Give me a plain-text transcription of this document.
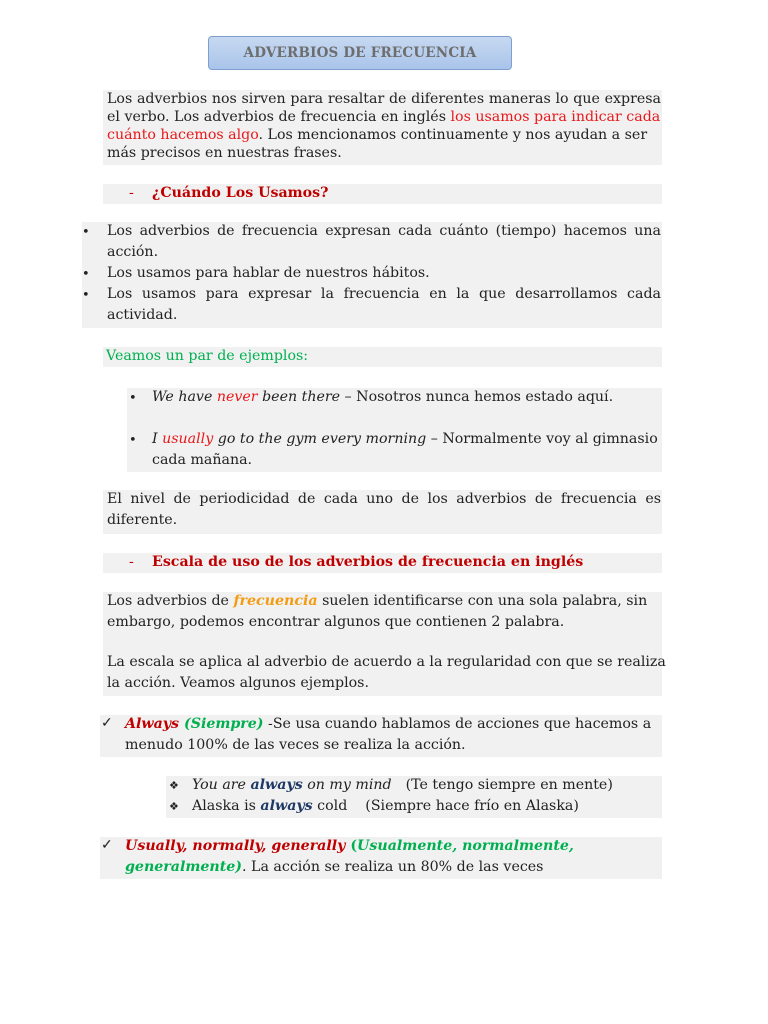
ADVERBIOS DE FRECUENCIA
Los adverbios nos sirven para resaltar de diferentes maneras lo que expresa
el verbo. Los adverbios de frecuencia en inglés los usamos para indicar cada
cuánto hacemos algo. Los mencionamos continuamente y nos ayudan a ser
más precisos en nuestras frases.
- ¿Cuándo Los Usamos?
• Los adverbios de frecuencia expresan cada cuánto (tiempo) hacemos una
acción.
• Los usamos para hablar de nuestros hábitos.
• Los usamos para expresar la frecuencia en la que desarrollamos cada
actividad.
Veamos un par de ejemplos:
• We have never been there – Nosotros nunca hemos estado aquí.
• I usually go to the gym every morning – Normalmente voy al gimnasio
cada mañana.
El nivel de periodicidad de cada uno de los adverbios de frecuencia es
diferente.
- Escala de uso de los adverbios de frecuencia en inglés
Los adverbios de frecuencia suelen identificarse con una sola palabra, sin
embargo, podemos encontrar algunos que contienen 2 palabra.
La escala se aplica al adverbio de acuerdo a la regularidad con que se realiza
la acción. Veamos algunos ejemplos.
✓ Always (Siempre) -Se usa cuando hablamos de acciones que hacemos a
menudo 100% de las veces se realiza la acción.
❖ You are always on my mind (Te tengo siempre en mente)
❖ Alaska is always cold (Siempre hace frío en Alaska)
✓ Usually, normally, generally (Usualmente, normalmente,
generalmente). La acción se realiza un 80% de las veces
